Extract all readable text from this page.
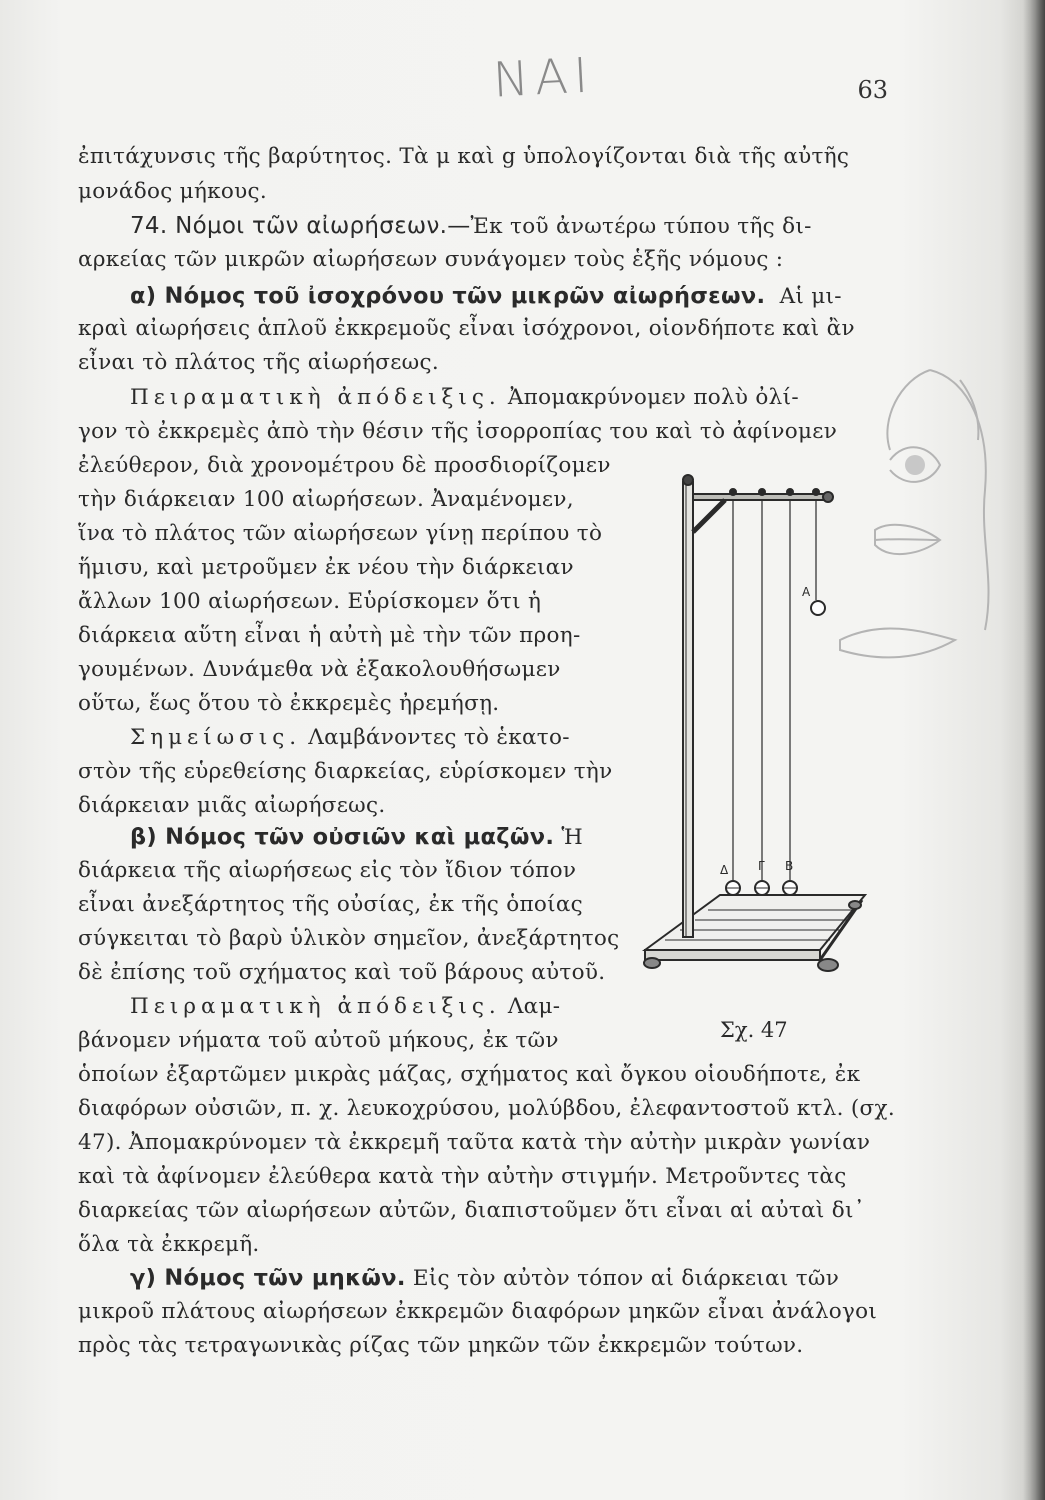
ΝΑΙ	63
ἐπιτάχυνσις τῆς βαρύτητος. Τὰ μ καὶ g ὑπολογίζονται διὰ τῆς αὐτῆς
μονάδος μήκους.
74. Νόμοι τῶν αἰωρήσεων.—Ἐκ τοῦ ἀνωτέρω τύπου τῆς δι-
αρκείας τῶν μικρῶν αἰωρήσεων συνάγομεν τοὺς ἑξῆς νόμους :
α) Νόμος τοῦ ἰσοχρόνου τῶν μικρῶν αἰωρήσεων. Αἱ μι-
κραὶ αἰωρήσεις ἁπλοῦ ἐκκρεμοῦς εἶναι ἰσόχρονοι, οἱονδήποτε καὶ ἂν
εἶναι τὸ πλάτος τῆς αἰωρήσεως.
Πειραματικὴ ἀπόδειξις. Ἀπομακρύνομεν πολὺ ὀλί-
γον τὸ ἐκκρεμὲς ἀπὸ τὴν θέσιν τῆς ἰσορροπίας του καὶ τὸ ἀφίνομεν
ἐλεύθερον, διὰ χρονομέτρου δὲ προσδιορίζομεν
τὴν διάρκειαν 100 αἰωρήσεων. Ἀναμένομεν,
ἵνα τὸ πλάτος τῶν αἰωρήσεων γίνῃ περίπου τὸ
ἥμισυ, καὶ μετροῦμεν ἐκ νέου τὴν διάρκειαν
ἄλλων 100 αἰωρήσεων. Εὑρίσκομεν ὅτι ἡ
διάρκεια αὕτη εἶναι ἡ αὐτὴ μὲ τὴν τῶν προη-
γουμένων. Δυνάμεθα νὰ ἐξακολουθήσωμεν
οὕτω, ἕως ὅτου τὸ ἐκκρεμὲς ἠρεμήσῃ.
Σημείωσις. Λαμβάνοντες τὸ ἑκατο-
στὸν τῆς εὑρεθείσης διαρκείας, εὑρίσκομεν τὴν
διάρκειαν μιᾶς αἰωρήσεως.
β) Νόμος τῶν οὐσιῶν καὶ μαζῶν. Ἡ
διάρκεια τῆς αἰωρήσεως εἰς τὸν ἴδιον τόπον
εἶναι ἀνεξάρτητος τῆς οὐσίας, ἐκ τῆς ὁποίας
σύγκειται τὸ βαρὺ ὑλικὸν σημεῖον, ἀνεξάρτητος
δὲ ἐπίσης τοῦ σχήματος καὶ τοῦ βάρους αὐτοῦ.
Πειραματικὴ ἀπόδειξις. Λαμ-
βάνομεν νήματα τοῦ αὐτοῦ μήκους, ἐκ τῶν
ὁποίων ἐξαρτῶμεν μικρὰς μάζας, σχήματος καὶ ὄγκου οἱουδήποτε, ἐκ
διαφόρων οὐσιῶν, π. χ. λευκοχρύσου, μολύβδου, ἐλεφαντοστοῦ κτλ. (σχ.
47). Ἀπομακρύνομεν τὰ ἐκκρεμῆ ταῦτα κατὰ τὴν αὐτὴν μικρὰν γωνίαν
καὶ τὰ ἀφίνομεν ἐλεύθερα κατὰ τὴν αὐτὴν στιγμήν. Μετροῦντες τὰς
διαρκείας τῶν αἰωρήσεων αὐτῶν, διαπιστοῦμεν ὅτι εἶναι αἱ αὐταὶ δι᾽
ὅλα τὰ ἐκκρεμῆ.
γ) Νόμος τῶν μηκῶν. Εἰς τὸν αὐτὸν τόπον αἱ διάρκειαι τῶν
μικροῦ πλάτους αἰωρήσεων ἐκκρεμῶν διαφόρων μηκῶν εἶναι ἀνάλογοι
πρὸς τὰς τετραγωνικὰς ρίζας τῶν μηκῶν τῶν ἐκκρεμῶν τούτων.
Α
Β
Γ
Δ
Σχ. 47
